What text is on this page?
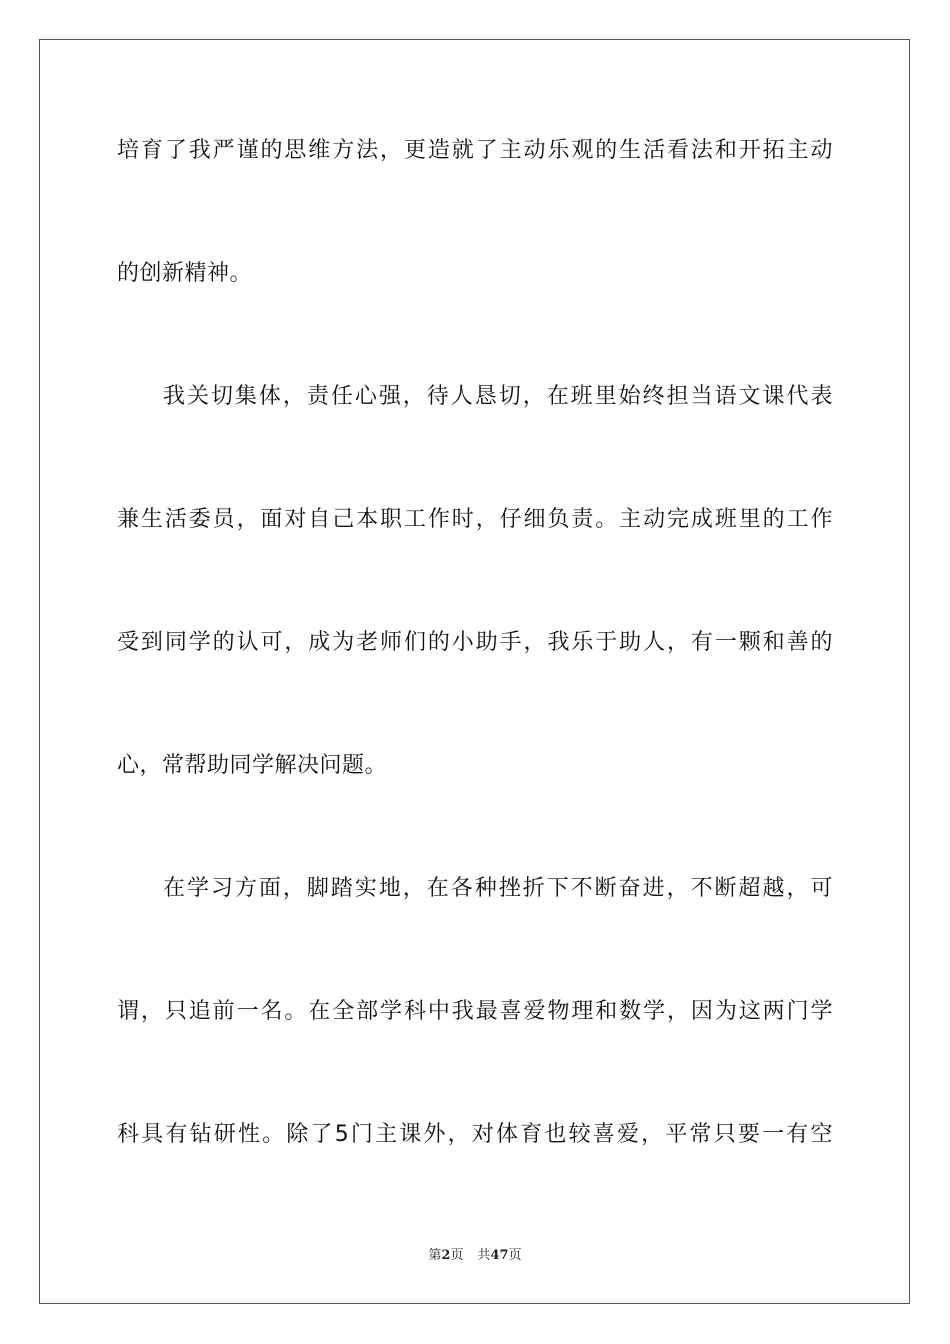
培育了我严谨的思维方法，更造就了主动乐观的生活看法和开拓主动
的创新精神。
我关切集体，责任心强，待人恳切，在班里始终担当语文课代表
兼生活委员，面对自己本职工作时，仔细负责。主动完成班里的工作
受到同学的认可，成为老师们的小助手，我乐于助人，有一颗和善的
心，常帮助同学解决问题。
在学习方面，脚踏实地，在各种挫折下不断奋进，不断超越，可
谓，只追前一名。在全部学科中我最喜爱物理和数学，因为这两门学
科具有钻研性。除了5门主课外，对体育也较喜爱，平常只要一有空
第2页 共47页
